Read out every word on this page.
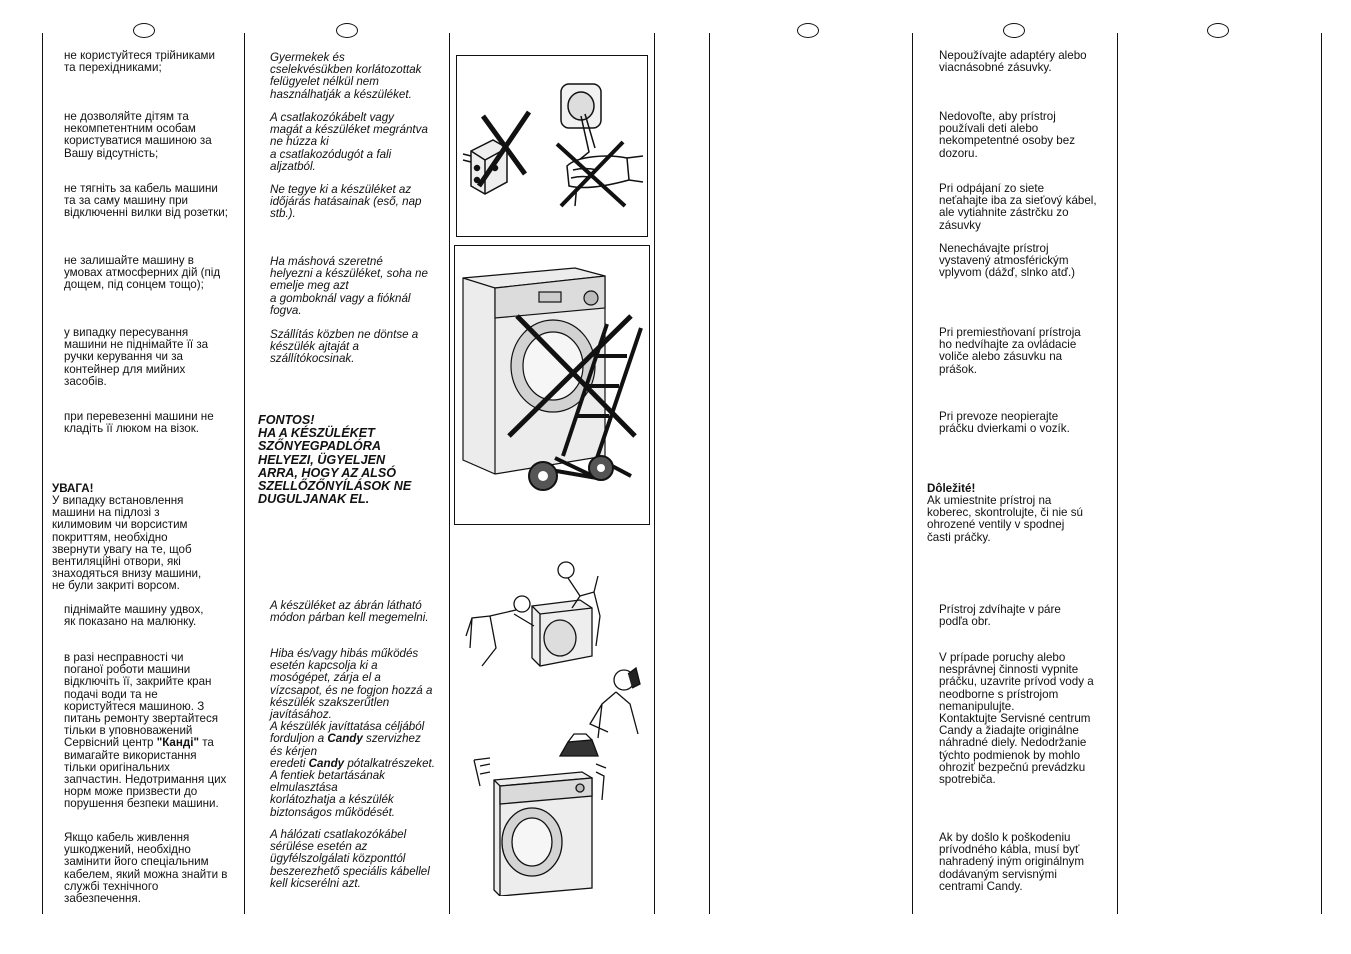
не користуйтеся трійниками
та перехідниками;

не дозволяйте дітям та
некомпетентним особам
користуватися машиною за
Вашу відсутність;

не тягніть за кабель машини
та за саму машину при
відключенні вилки від розетки;

не залишайте машину в
умовах атмосферних дій (під
дощем, під сонцем тощо);

у випадку пересування
машини не піднімайте її за
ручки керування чи за
контейнер для мийних
засобів.

при перевезенні машини не
кладіть її люком на візок.

УВАГА!

У випадку встановлення
машини на підлозі з
килимовим чи ворсистим
покриттям, необхідно
звернути увагу на те, щоб
вентиляційні отвори, які
знаходяться внизу машини,
не були закриті ворсом.

піднімайте машину удвох,
як показано на малюнку.

в разі несправності чи
поганої роботи машини
відключіть її, закрийте кран
подачі води та не
користуйтеся машиною. З
питань ремонту звертайтеся
тільки в уповноважений
Сервісний центр "Канді" та
вимагайте використання
тільки оригінальних
запчастин. Недотримання цих
норм може призвести до
порушення безпеки машини.

Якщо кабель живлення
ушкоджений, необхідно
замінити його спеціальним
кабелем, який можна знайти в
службі технічного
забезпечення.

Gyermekek és
cselekvésükben korlátozottak
felügyelet nélkül nem
használhatják a készüléket.

A csatlakozókábelt vagy
magát a készüléket megrántva
ne húzza ki
a csatlakozódugót a fali
aljzatból.

Ne tegye ki a készüléket az
időjárás hatásainak (eső, nap
stb.).

Ha máshová szeretné
helyezni a készüléket, soha ne
emelje meg azt
a gomboknál vagy a fióknál
fogva.

Szállítás közben ne döntse a
készülék ajtaját a
szállítókocsinak.

FONTOS!
HA A KÉSZÜLÉKET
SZŐNYEGPADLÓRA
HELYEZI, ÜGYELJEN
ARRA, HOGY AZ ALSÓ
SZELLŐZŐNYÍLÁSOK NE
DUGULJANAK EL.

A készüléket az ábrán látható
módon párban kell megemelni.

Hiba és/vagy hibás működés
esetén kapcsolja ki a
mosógépet, zárja el a
vízcsapot, és ne fogjon hozzá a
készülék szakszerűtlen
javításához.
A készülék javíttatása céljából
forduljon a Candy szervizhez
és kérjen
eredeti Candy pótalkatrészeket.
A fentiek betartásának
elmulasztása
korlátozhatja a készülék
biztonságos működését.

A hálózati csatlakozókábel
sérülése esetén az
ügyfélszolgálati központtól
beszerezhető speciális kábellel
kell kicserélni azt.

Nepoužívajte adaptéry alebo
viacnásobné zásuvky.

Nedovoľte, aby prístroj
používali deti alebo
nekompetentné osoby bez
dozoru.

Pri odpájaní zo siete
neťahajte iba za sieťový kábel,
ale vytiahnite zástrčku zo
zásuvky

Nenechávajte prístroj
vystavený atmosférickým
vplyvom (dážď, slnko atď.)

Pri premiestňovaní prístroja
ho nedvíhajte za ovládacie
voliče alebo zásuvku na
prášok.

Pri prevoze neopierajte
práčku dvierkami o vozík.

Dôležité!

Ak umiestnite prístroj na
koberec, skontrolujte, či nie sú
ohrozené ventily v spodnej
časti práčky.

Prístroj zdvíhajte v páre
podľa obr.

V prípade poruchy alebo
nesprávnej činnosti vypnite
práčku, uzavrite prívod vody a
neodborne s prístrojom
nemanipulujte.
Kontaktujte Servisné centrum
Candy a žiadajte originálne
náhradné diely. Nedodržanie
týchto podmienok by mohlo
ohroziť bezpečnú prevádzku
spotrebiča.

Ak by došlo k poškodeniu
prívodného kábla, musí byť
nahradený iným originálnym
dodávaným servisnými
centrami Candy.
